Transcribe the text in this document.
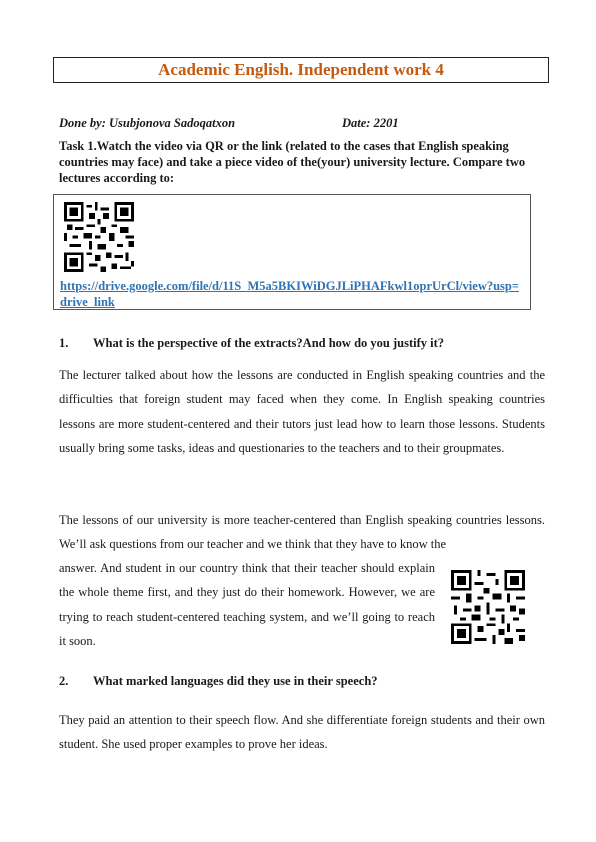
Academic English. Independent work 4
Done by: Usubjonova Sadoqatxon	Date: 2201
Task 1.Watch the video via QR or the link (related to the cases that English speaking countries may face) and take a piece video of the(your) university lecture. Compare two lectures according to:
https://drive.google.com/file/d/11S_M5a5BKIWiDGJLiPHAFkwl1oprUrCl/view?usp=drive_link
1. What is the perspective of the extracts?And how do you justify it?
The lecturer talked about how the lessons are conducted in English speaking countries and the difficulties that foreign student may faced when they come. In English speaking countries lessons are more student-centered and their tutors just lead how to learn those lessons. Students usually bring some tasks, ideas and questionaries to the teachers and to their groupmates.
The lessons of our university is more teacher-centered than English speaking countries lessons. We’ll ask questions from our teacher and we think that they have to know the
answer. And student in our country think that their teacher should explain the whole theme first, and they just do their homework. However, we are trying to reach student-centered teaching system, and we’ll going to reach it soon.
2. What marked languages did they use in their speech?
They paid an attention to their speech flow. And she differentiate foreign students and their own student. She used proper examples to prove her ideas.
